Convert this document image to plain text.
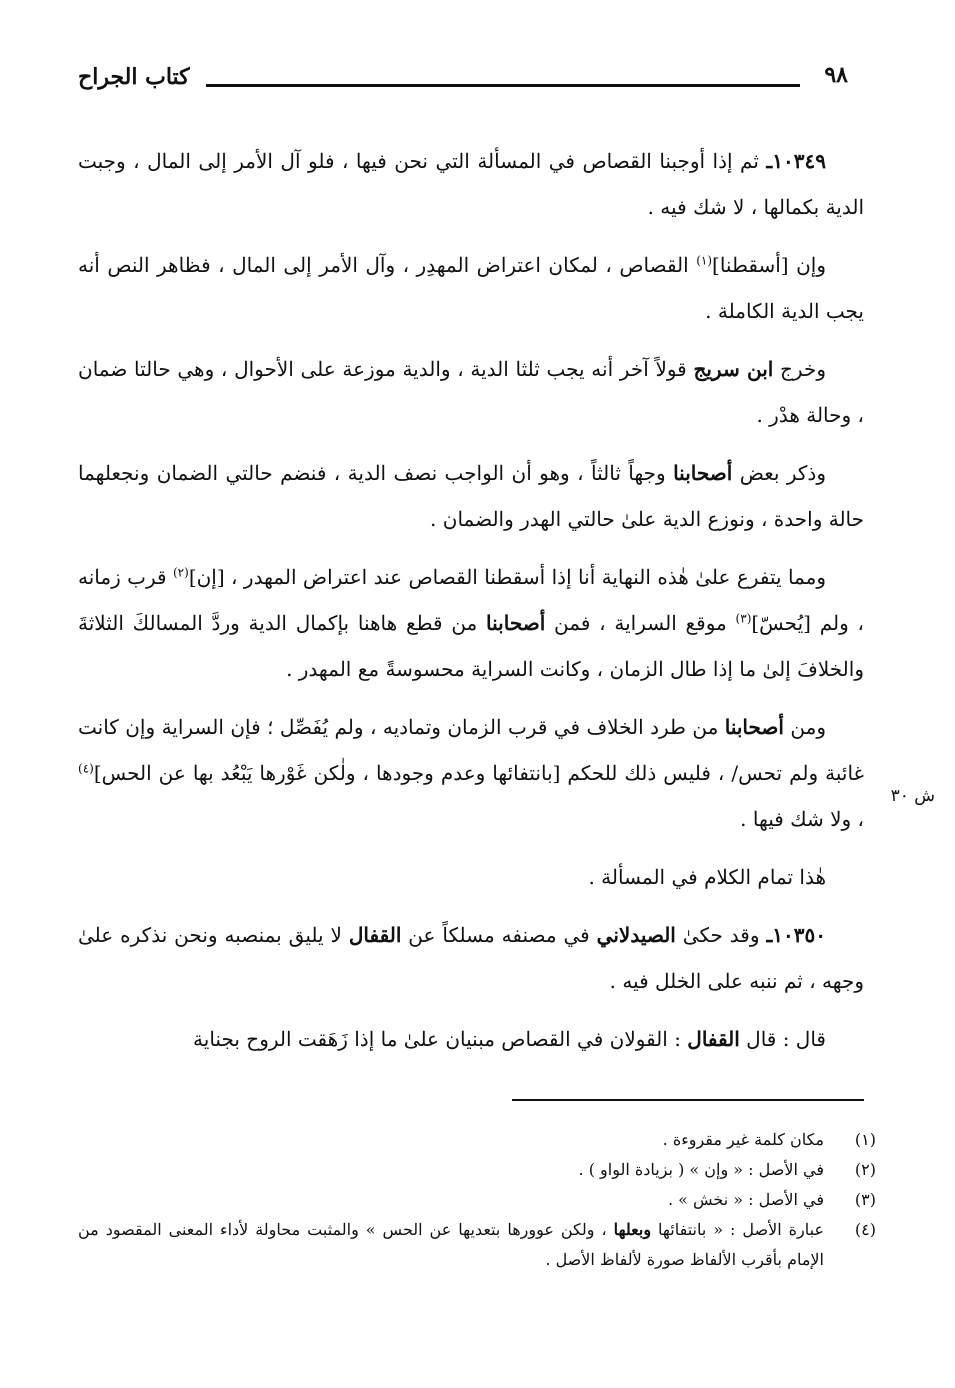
٩٨
كتاب الجراح
ش ٣٠

١٠٣٤٩ـ ثم إذا أوجبنا القصاص في المسألة التي نحن فيها ، فلو آل الأمر إلى المال ، وجبت الدية بكمالها ، لا شك فيه .

وإن [أسقطنا]$^{(١)}$ القصاص ، لمكان اعتراض المهدِر ، وآل الأمر إلى المال ، فظاهر النص أنه يجب الدية الكاملة .

وخرج ابن سريج قولاً آخر أنه يجب ثلثا الدية ، والدية موزعة على الأحوال ، وهي حالتا ضمان ، وحالة هدْر .

وذكر بعض أصحابنا وجهاً ثالثاً ، وهو أن الواجب نصف الدية ، فنضم حالتي الضمان ونجعلهما حالة واحدة ، ونوزع الدية علىٰ حالتي الهدر والضمان .

ومما يتفرع علىٰ هٰذه النهاية أنا إذا أسقطنا القصاص عند اعتراض المهدر ، [إن]$^{(٢)}$ قرب زمانه ، ولم [يُحسّ]$^{(٣)}$ موقع السراية ، فمن أصحابنا من قطع هاهنا بإكمال الدية وردَّ المسالكَ الثلاثةَ والخلافَ إلىٰ ما إذا طال الزمان ، وكانت السراية محسوسةً مع المهدر .

ومن أصحابنا من طرد الخلاف في قرب الزمان وتماديه ، ولم يُفَصِّل ؛ فإن السراية وإن كانت غائبة ولم تحس/ ، فليس ذلك للحكم [بانتفائها وعدم وجودها ، ولٰكن غَوْرها يَبْعُد بها عن الحس]$^{(٤)}$ ، ولا شك فيها .

هٰذا تمام الكلام في المسألة .

١٠٣٥٠ـ وقد حكىٰ الصيدلاني في مصنفه مسلكاً عن القفال لا يليق بمنصبه ونحن نذكره علىٰ وجهه ، ثم ننبه على الخلل فيه .

قال : قال القفال : القولان في القصاص مبنيان علىٰ ما إذا زَهَقت الروح بجناية

(١)
مكان كلمة غير مقروءة .

(٢)
في الأصل : « وإن » ( بزيادة الواو ) .

(٣)
في الأصل : « نخش » .

(٤)
عبارة الأصل : « بانتفائها وبعلها ، ولكن عوورها بتعديها عن الحس » والمثبت محاولة لأداء المعنى المقصود من الإمام بأقرب الألفاظ صورة لألفاظ الأصل .
